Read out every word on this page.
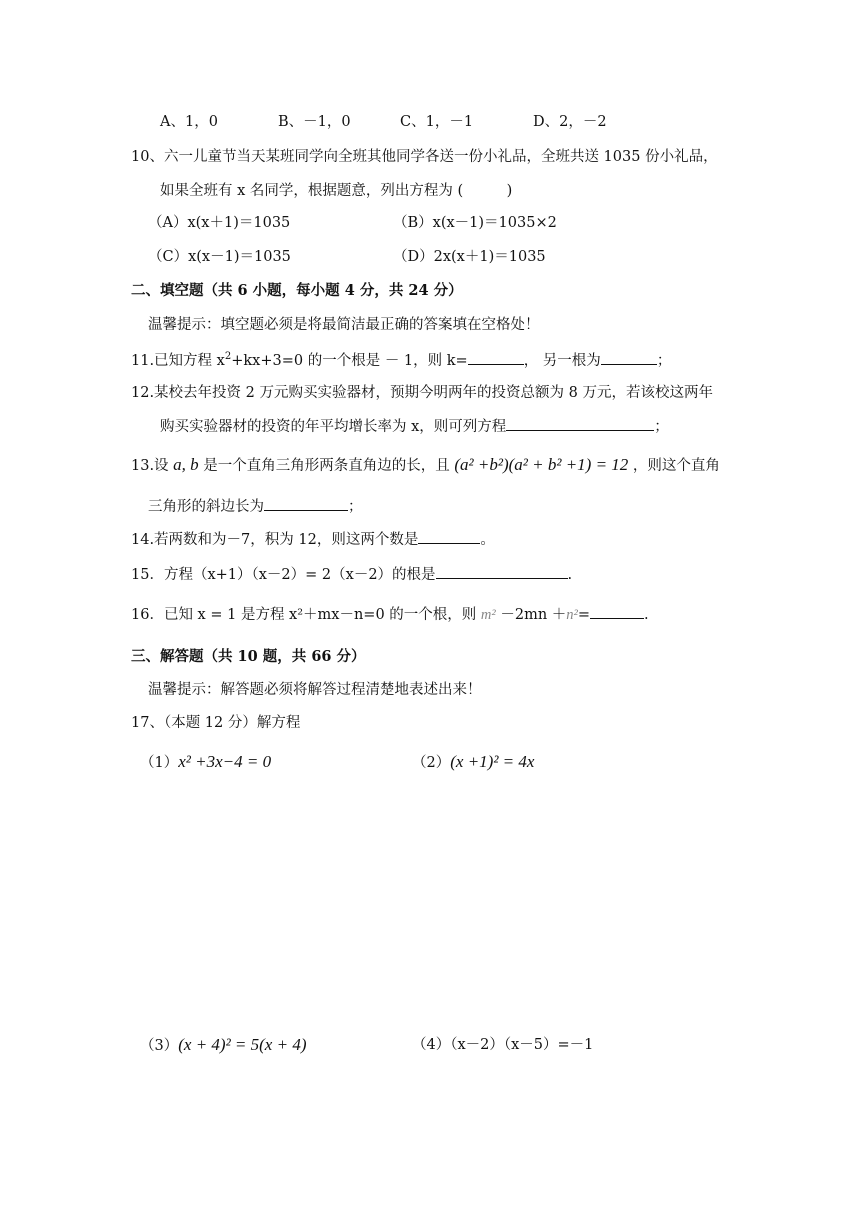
A、1，0	B、－1，0	C、1，－1	D、2，－2
10、六一儿童节当天某班同学向全班其他同学各送一份小礼品，全班共送 1035 份小礼品，
如果全班有 x 名同学，根据题意，列出方程为 (　　　)
（A）x(x＋1)＝1035	（B）x(x－1)＝1035×2
（C）x(x－1)＝1035	（D）2x(x＋1)＝1035
二、填空题（共 6 小题，每小题 4 分，共 24 分）
温馨提示：填空题必须是将最简洁最正确的答案填在空格处！
11.已知方程 $x^2+kx+3=0$ 的一个根是 － 1，则 k=	， 另一根为	；
12.某校去年投资 2 万元购买实验器材，预期今明两年的投资总额为 8 万元，若该校这两年
购买实验器材的投资的年平均增长率为 x，则可列方程	；
13.设 a, b 是一个直角三角形两条直角边的长，且 (a² +b²)(a² + b² +1) = 12 ，则这个直角
三角形的斜边长为	；
14.若两数和为－7，积为 12，则这两个数是	。
15．方程（x+1）（x－2）= 2（x－2）的根是	.
16．已知 x = 1 是方程 x²＋mx－n=0 的一个根，则 m² －2mn ＋n²=	.
三、解答题（共 10 题，共 66 分）
温馨提示：解答题必须将解答过程清楚地表述出来！
17、（本题 12 分）解方程
（1）x² +3x−4 = 0	（2）(x +1)² = 4x
（3）(x + 4)² = 5(x + 4)	（4）（x－2）（x－5）=－1
